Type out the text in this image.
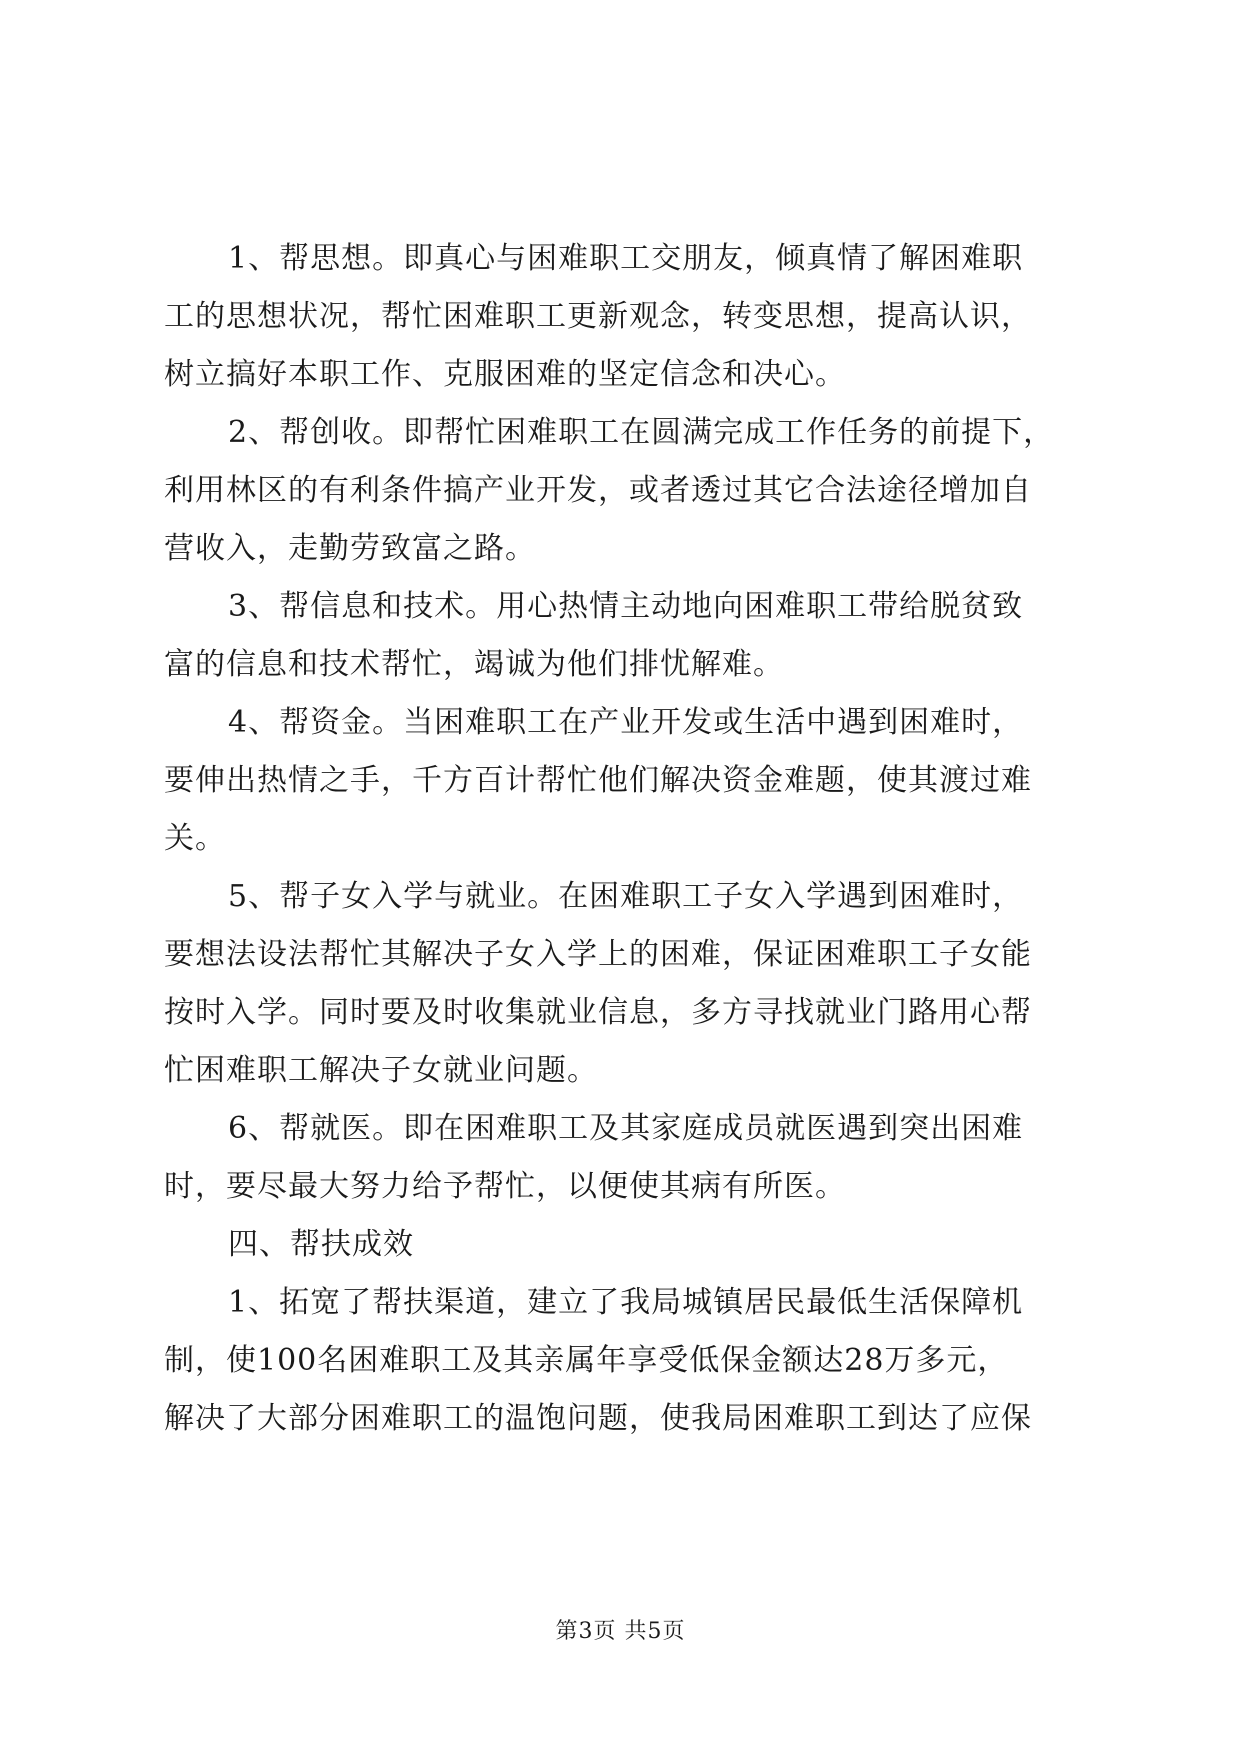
1、帮思想。即真心与困难职工交朋友，倾真情了解困难职
工的思想状况，帮忙困难职工更新观念，转变思想，提高认识，
树立搞好本职工作、克服困难的坚定信念和决心。
2、帮创收。即帮忙困难职工在圆满完成工作任务的前提下，
利用林区的有利条件搞产业开发，或者透过其它合法途径增加自
营收入，走勤劳致富之路。
3、帮信息和技术。用心热情主动地向困难职工带给脱贫致
富的信息和技术帮忙，竭诚为他们排忧解难。
4、帮资金。当困难职工在产业开发或生活中遇到困难时，
要伸出热情之手，千方百计帮忙他们解决资金难题，使其渡过难
关。
5、帮子女入学与就业。在困难职工子女入学遇到困难时，
要想法设法帮忙其解决子女入学上的困难，保证困难职工子女能
按时入学。同时要及时收集就业信息，多方寻找就业门路用心帮
忙困难职工解决子女就业问题。
6、帮就医。即在困难职工及其家庭成员就医遇到突出困难
时，要尽最大努力给予帮忙，以便使其病有所医。
四、帮扶成效
1、拓宽了帮扶渠道，建立了我局城镇居民最低生活保障机
制，使100名困难职工及其亲属年享受低保金额达28万多元，
解决了大部分困难职工的温饱问题，使我局困难职工到达了应保
第3页 共5页
